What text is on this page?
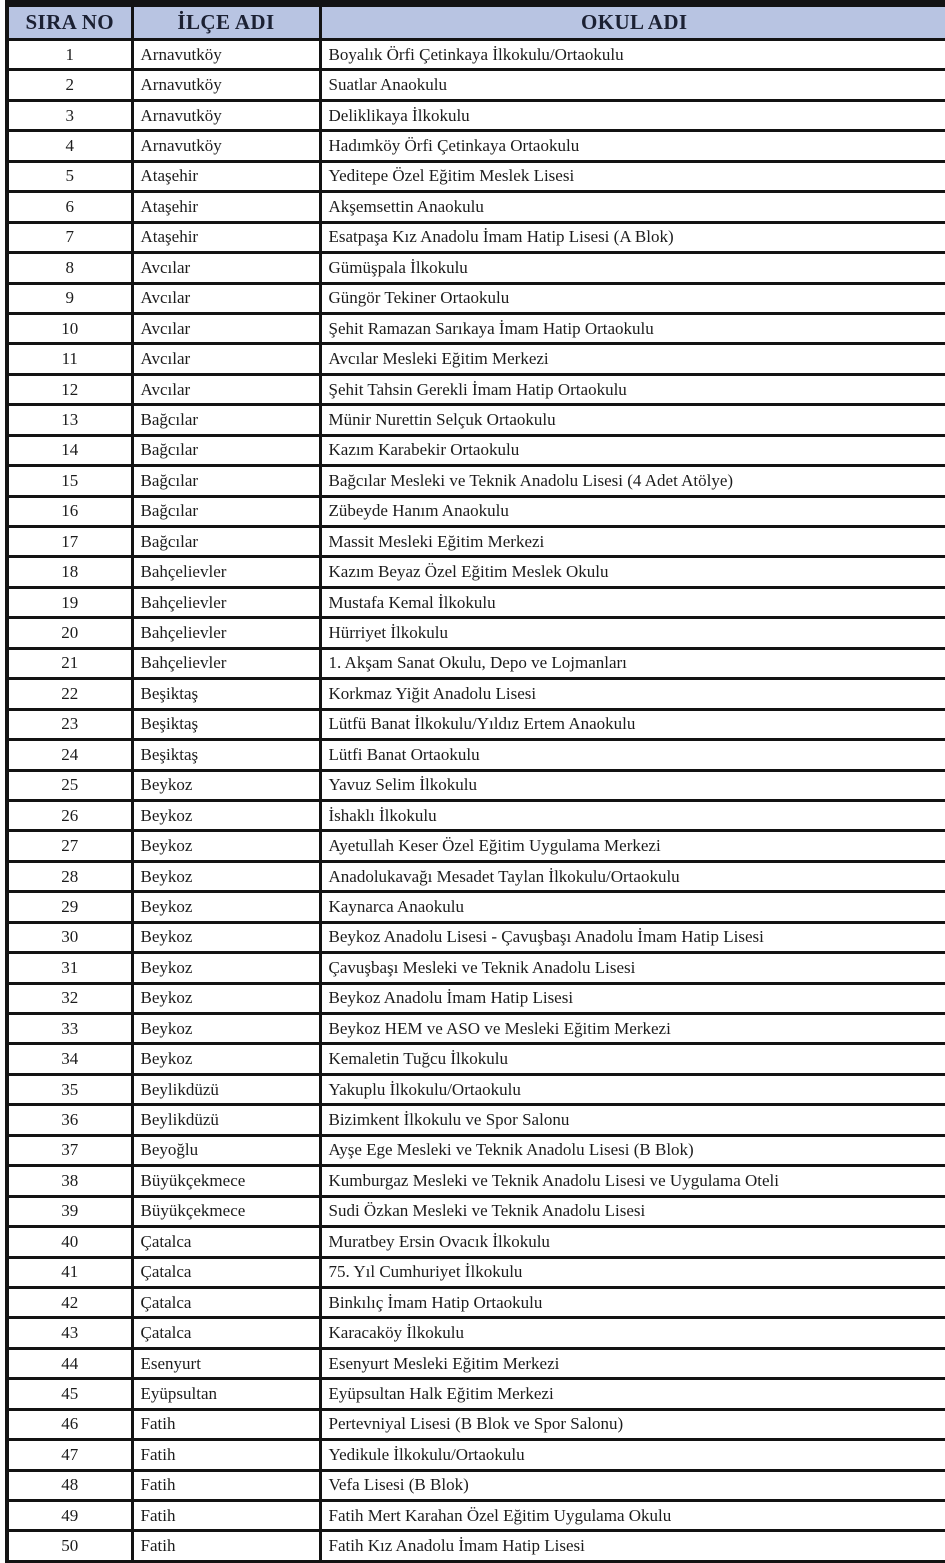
SIRA NO	İLÇE ADI	OKUL ADI
1	Arnavutköy	Boyalık Örfi Çetinkaya İlkokulu/Ortaokulu
2	Arnavutköy	Suatlar Anaokulu
3	Arnavutköy	Deliklikaya İlkokulu
4	Arnavutköy	Hadımköy Örfi Çetinkaya Ortaokulu
5	Ataşehir	Yeditepe Özel Eğitim Meslek Lisesi
6	Ataşehir	Akşemsettin Anaokulu
7	Ataşehir	Esatpaşa Kız Anadolu İmam Hatip Lisesi (A Blok)
8	Avcılar	Gümüşpala İlkokulu
9	Avcılar	Güngör Tekiner Ortaokulu
10	Avcılar	Şehit Ramazan Sarıkaya İmam Hatip Ortaokulu
11	Avcılar	Avcılar Mesleki Eğitim Merkezi
12	Avcılar	Şehit Tahsin Gerekli İmam Hatip Ortaokulu
13	Bağcılar	Münir Nurettin Selçuk Ortaokulu
14	Bağcılar	Kazım Karabekir Ortaokulu
15	Bağcılar	Bağcılar Mesleki ve Teknik Anadolu Lisesi (4 Adet Atölye)
16	Bağcılar	Zübeyde Hanım Anaokulu
17	Bağcılar	Massit Mesleki Eğitim Merkezi
18	Bahçelievler	Kazım Beyaz Özel Eğitim Meslek Okulu
19	Bahçelievler	Mustafa Kemal İlkokulu
20	Bahçelievler	Hürriyet İlkokulu
21	Bahçelievler	1. Akşam Sanat Okulu, Depo ve Lojmanları
22	Beşiktaş	Korkmaz Yiğit Anadolu Lisesi
23	Beşiktaş	Lütfü Banat İlkokulu/Yıldız Ertem Anaokulu
24	Beşiktaş	Lütfi Banat Ortaokulu
25	Beykoz	Yavuz Selim İlkokulu
26	Beykoz	İshaklı İlkokulu
27	Beykoz	Ayetullah Keser Özel Eğitim Uygulama Merkezi
28	Beykoz	Anadolukavağı Mesadet Taylan İlkokulu/Ortaokulu
29	Beykoz	Kaynarca Anaokulu
30	Beykoz	Beykoz Anadolu Lisesi - Çavuşbaşı Anadolu İmam Hatip Lisesi
31	Beykoz	Çavuşbaşı Mesleki ve Teknik Anadolu Lisesi
32	Beykoz	Beykoz Anadolu İmam Hatip Lisesi
33	Beykoz	Beykoz HEM ve ASO ve Mesleki Eğitim Merkezi
34	Beykoz	Kemaletin Tuğcu İlkokulu
35	Beylikdüzü	Yakuplu İlkokulu/Ortaokulu
36	Beylikdüzü	Bizimkent İlkokulu ve Spor Salonu
37	Beyoğlu	Ayşe Ege Mesleki ve Teknik Anadolu Lisesi (B Blok)
38	Büyükçekmece	Kumburgaz Mesleki ve Teknik Anadolu Lisesi ve Uygulama Oteli
39	Büyükçekmece	Sudi Özkan Mesleki ve Teknik Anadolu Lisesi
40	Çatalca	Muratbey Ersin Ovacık İlkokulu
41	Çatalca	75. Yıl Cumhuriyet İlkokulu
42	Çatalca	Binkılıç İmam Hatip Ortaokulu
43	Çatalca	Karacaköy İlkokulu
44	Esenyurt	Esenyurt Mesleki Eğitim Merkezi
45	Eyüpsultan	Eyüpsultan Halk Eğitim Merkezi
46	Fatih	Pertevniyal Lisesi (B Blok ve Spor Salonu)
47	Fatih	Yedikule İlkokulu/Ortaokulu
48	Fatih	Vefa Lisesi (B Blok)
49	Fatih	Fatih Mert Karahan Özel Eğitim Uygulama Okulu
50	Fatih	Fatih Kız Anadolu İmam Hatip Lisesi
